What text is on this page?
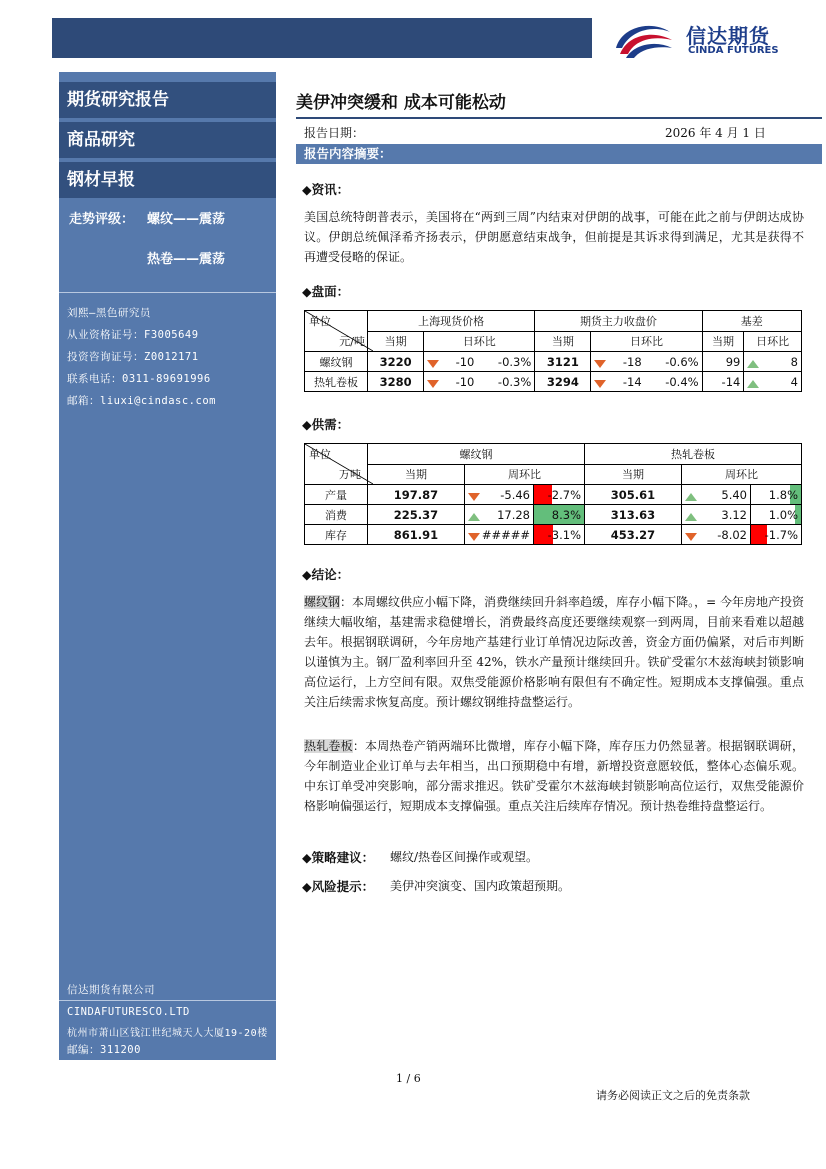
信达期货
CINDA FUTURES
期货研究报告
商品研究
钢材早报
走势评级： 螺纹——震荡
热卷——震荡
刘熙—黑色研究员
从业资格证号：F3005649
投资咨询证号：Z0012171
联系电话：0311-89691996
邮箱：liuxi@cindasc.com
信达期货有限公司
CINDAFUTURESCO.LTD
杭州市萧山区钱江世纪城天人大厦19-20楼
邮编：311200
美伊冲突缓和 成本可能松动
报告日期：	2026 年 4 月 1 日
报告内容摘要：
◆资讯：
美国总统特朗普表示，美国将在“两到三周”内结束对伊朗的战事，可能在此之前与伊朗达成协议。伊朗总统佩泽希齐扬表示，伊朗愿意结束战争，但前提是其诉求得到满足，尤其是获得不再遭受侵略的保证。
◆盘面：
单位
元/吨	上海现货价格			期货主力收盘价			基差	
	当期	日环比		当期	日环比		当期	日环比
螺纹钢	3220	-10	-0.3%	3121	-18	-0.6%	99	8
热轧卷板	3280	-10	-0.3%	3294	-14	-0.4%	-14	4
◆供需：
单位
万吨	螺纹钢			热轧卷板		
	当期	周环比		当期	周环比	
产量	197.87	-5.46	-2.7%	305.61	5.40	1.8%
消费	225.37	17.28	8.3%	313.63	3.12	1.0%
库存	861.91	#####	-3.1%	453.27	-8.02	-1.7%
◆结论：
螺纹钢：本周螺纹供应小幅下降，消费继续回升斜率趋缓，库存小幅下降。，= 今年房地产投资继续大幅收缩，基建需求稳健增长，消费最终高度还要继续观察一到两周，目前来看难以超越去年。根据钢联调研，今年房地产基建行业订单情况边际改善，资金方面仍偏紧，对后市判断以谨慎为主。钢厂盈利率回升至 42%，铁水产量预计继续回升。铁矿受霍尔木兹海峡封锁影响高位运行，上方空间有限。双焦受能源价格影响有限但有不确定性。短期成本支撑偏强。重点关注后续需求恢复高度。预计螺纹钢维持盘整运行。
热轧卷板：本周热卷产销两端环比微增，库存小幅下降，库存压力仍然显著。根据钢联调研，今年制造业企业订单与去年相当，出口预期稳中有增，新增投资意愿较低，整体心态偏乐观。中东订单受冲突影响，部分需求推迟。铁矿受霍尔木兹海峡封锁影响高位运行，双焦受能源价格影响偏强运行，短期成本支撑偏强。重点关注后续库存情况。预计热卷维持盘整运行。
◆策略建议： 螺纹/热卷区间操作或观望。
◆风险提示： 美伊冲突演变、国内政策超预期。
1 / 6
请务必阅读正文之后的免责条款
